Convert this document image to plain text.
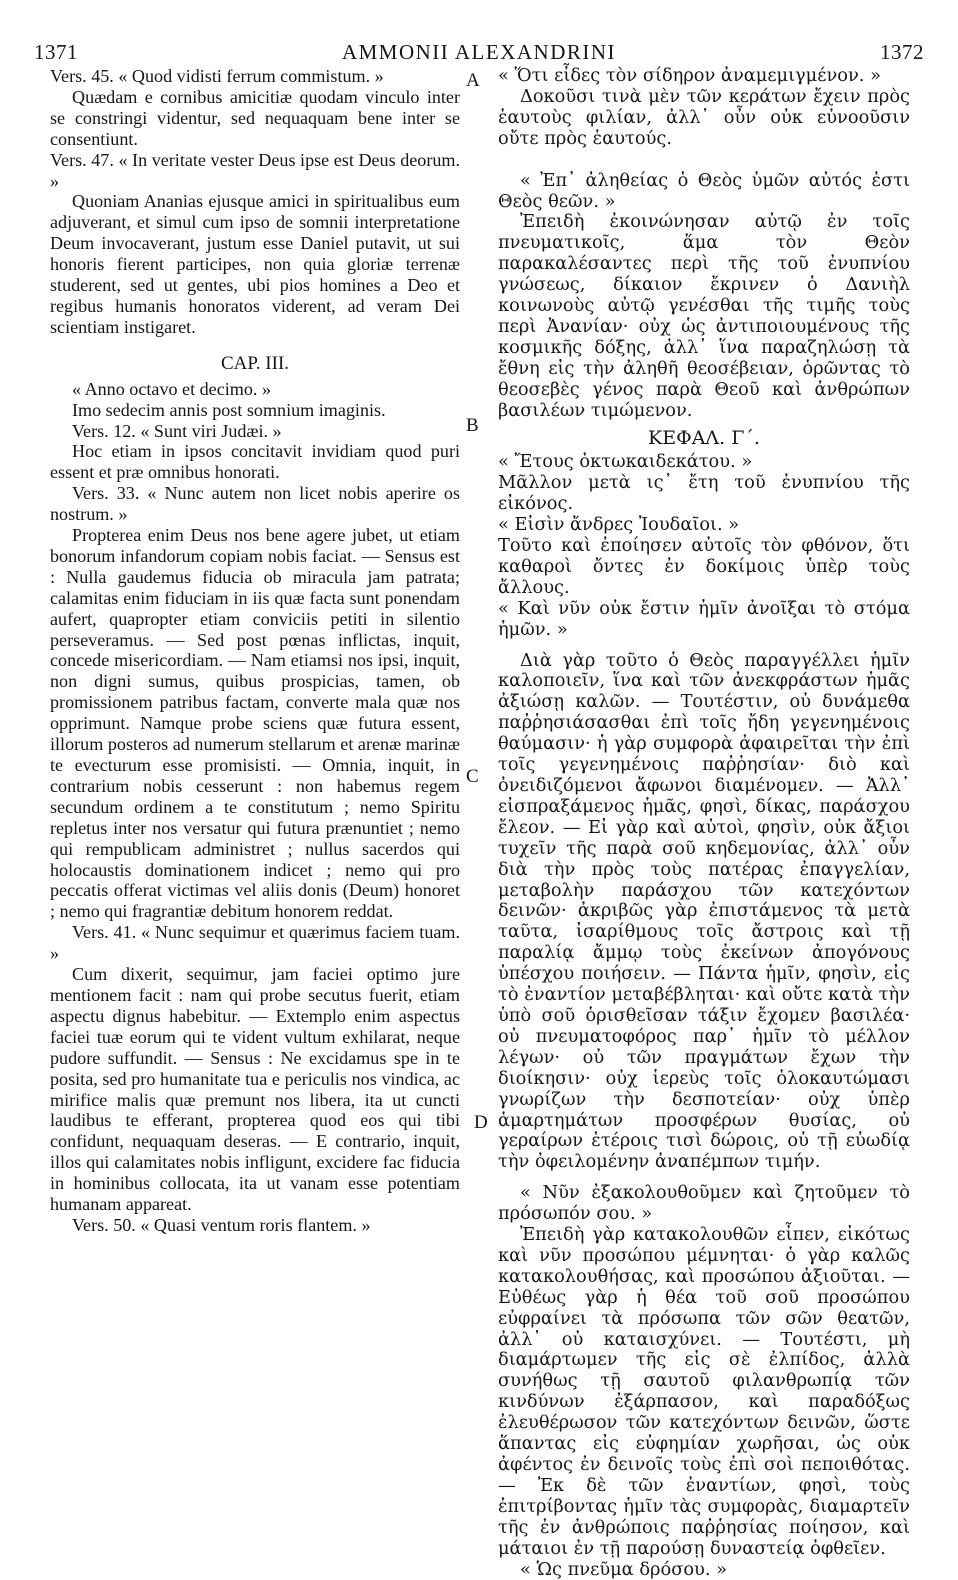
1371	AMMONII ALEXANDRINI	1372
A
B
C
D

Vers. 45. « Quod vidisti ferrum commistum. »

Quædam e cornibus amicitiæ quodam vinculo inter se constringi videntur, sed nequaquam bene inter se consentiunt.

Vers. 47. « In veritate vester Deus ipse est Deus deorum. »

Quoniam Ananias ejusque amici in spiritualibus eum adjuverant, et simul cum ipso de somnii interpretatione Deum invocaverant, justum esse Daniel putavit, ut sui honoris fierent participes, non quia gloriæ terrenæ studerent, sed ut gentes, ubi pios homines a Deo et regibus humanis honoratos viderent, ad veram Dei scientiam instigaret.

CAP. III.

« Anno octavo et decimo. »

Imo sedecim annis post somnium imaginis.

Vers. 12. « Sunt viri Judæi. »

Hoc etiam in ipsos concitavit invidiam quod puri essent et præ omnibus honorati.

Vers. 33. « Nunc autem non licet nobis aperire os nostrum. »

Propterea enim Deus nos bene agere jubet, ut etiam bonorum infandorum copiam nobis faciat. — Sensus est : Nulla gaudemus fiducia ob miracula jam patrata; calamitas enim fiduciam in iis quæ facta sunt ponendam aufert, quapropter etiam conviciis petiti in silentio perseveramus. — Sed post pœnas inflictas, inquit, concede misericordiam. — Nam etiamsi nos ipsi, inquit, non digni sumus, quibus prospicias, tamen, ob promissionem patribus factam, converte mala quæ nos opprimunt. Namque probe sciens quæ futura essent, illorum posteros ad numerum stellarum et arenæ marinæ te evecturum esse promisisti. — Omnia, inquit, in contrarium nobis cesserunt : non habemus regem secundum ordinem a te constitutum ; nemo Spiritu repletus inter nos versatur qui futura prænuntiet ; nemo qui rempublicam administret ; nullus sacerdos qui holocaustis dominationem indicet ; nemo qui pro peccatis offerat victimas vel aliis donis (Deum) honoret ; nemo qui fragrantiæ debitum honorem reddat.

Vers. 41. « Nunc sequimur et quærimus faciem tuam. »

Cum dixerit, sequimur, jam faciei optimo jure mentionem facit : nam qui probe secutus fuerit, etiam aspectu dignus habebitur. — Extemplo enim aspectus faciei tuæ eorum qui te vident vultum exhilarat, neque pudore suffundit. — Sensus : Ne excidamus spe in te posita, sed pro humanitate tua e periculis nos vindica, ac mirifice malis quæ premunt nos libera, ita ut cuncti laudibus te efferant, propterea quod eos qui tibi confidunt, nequaquam deseras. — E contrario, inquit, illos qui calamitates nobis infligunt, excidere fac fiducia in hominibus collocata, ita ut vanam esse potentiam humanam appareat.

Vers. 50. « Quasi ventum roris flantem. »

« Ὅτι εἶδες τὸν σίδηρον ἀναμεμιγμένον. »

Δοκοῦσι τινὰ μὲν τῶν κεράτων ἔχειν πρὸς ἑαυτοὺς φιλίαν, ἀλλ᾽ οὖν οὐκ εὐνοοῦσιν οὔτε πρὸς ἑαυτούς.

« Ἐπ᾽ ἀληθείας ὁ Θεὸς ὑμῶν αὐτός ἐστι Θεὸς θεῶν. »

Ἐπειδὴ ἐκοινώνησαν αὐτῷ ἐν τοῖς πνευματικοῖς, ἅμα τὸν Θεὸν παρακαλέσαντες περὶ τῆς τοῦ ἐνυπνίου γνώσεως, δίκαιον ἔκρινεν ὁ Δανιὴλ κοινωνοὺς αὐτῷ γενέσθαι τῆς τιμῆς τοὺς περὶ Ἀνανίαν· οὐχ ὡς ἀντιποιουμένους τῆς κοσμικῆς δόξης, ἀλλ᾽ ἵνα παραζηλώσῃ τὰ ἔθνη εἰς τὴν ἀληθῆ θεοσέβειαν, ὁρῶντας τὸ θεοσεβὲς γένος παρὰ Θεοῦ καὶ ἀνθρώπων βασιλέων τιμώμενον.

ΚΕΦΑΛ. Γ΄.

« Ἔτους ὀκτωκαιδεκάτου. »

Μᾶλλον μετὰ ις᾽ ἔτη τοῦ ἐνυπνίου τῆς εἰκόνος.

« Εἰσὶν ἄνδρες Ἰουδαῖοι. »

Τοῦτο καὶ ἐποίησεν αὐτοῖς τὸν φθόνον, ὅτι καθαροὶ ὄντες ἐν δοκίμοις ὑπὲρ τοὺς ἄλλους.

« Καὶ νῦν οὐκ ἔστιν ἡμῖν ἀνοῖξαι τὸ στόμα ἡμῶν. »

Διὰ γὰρ τοῦτο ὁ Θεὸς παραγγέλλει ἡμῖν καλοποιεῖν, ἵνα καὶ τῶν ἀνεκφράστων ἡμᾶς ἀξιώσῃ καλῶν. — Τουτέστιν, οὐ δυνάμεθα παῤῥησιάσασθαι ἐπὶ τοῖς ἤδη γεγενημένοις θαύμασιν· ἡ γὰρ συμφορὰ ἀφαιρεῖται τὴν ἐπὶ τοῖς γεγενημένοις παῤῥησίαν· διὸ καὶ ὀνειδιζόμενοι ἄφωνοι διαμένομεν. — Ἀλλ᾽ εἰσπραξάμενος ἡμᾶς, φησὶ, δίκας, παράσχου ἔλεον. — Εἰ γὰρ καὶ αὐτοὶ, φησὶν, οὐκ ἄξιοι τυχεῖν τῆς παρὰ σοῦ κηδεμονίας, ἀλλ᾽ οὖν διὰ τὴν πρὸς τοὺς πατέρας ἐπαγγελίαν, μεταβολὴν παράσχου τῶν κατεχόντων δεινῶν· ἀκριβῶς γὰρ ἐπιστάμενος τὰ μετὰ ταῦτα, ἰσαρίθμους τοῖς ἄστροις καὶ τῇ παραλίᾳ ἄμμῳ τοὺς ἐκείνων ἀπογόνους ὑπέσχου ποιήσειν. — Πάντα ἡμῖν, φησὶν, εἰς τὸ ἐναντίον μεταβέβληται· καὶ οὔτε κατὰ τὴν ὑπὸ σοῦ ὁρισθεῖσαν τάξιν ἔχομεν βασιλέα· οὐ πνευματοφόρος παρ᾽ ἡμῖν τὸ μέλλον λέγων· οὐ τῶν πραγμάτων ἔχων τὴν διοίκησιν· οὐχ ἱερεὺς τοῖς ὁλοκαυτώμασι γνωρίζων τὴν δεσποτείαν· οὐχ ὑπὲρ ἁμαρτημάτων προσφέρων θυσίας, οὐ γεραίρων ἑτέροις τισὶ δώροις, οὐ τῇ εὐωδίᾳ τὴν ὀφειλομένην ἀναπέμπων τιμήν.

« Νῦν ἐξακολουθοῦμεν καὶ ζητοῦμεν τὸ πρόσωπόν σου. »

Ἐπειδὴ γὰρ κατακολουθῶν εἶπεν, εἰκότως καὶ νῦν προσώπου μέμνηται· ὁ γὰρ καλῶς κατακολουθήσας, καὶ προσώπου ἀξιοῦται. — Εὐθέως γὰρ ἡ θέα τοῦ σοῦ προσώπου εὐφραίνει τὰ πρόσωπα τῶν σῶν θεατῶν, ἀλλ᾽ οὐ καταισχύνει. — Τουτέστι, μὴ διαμάρτωμεν τῆς εἰς σὲ ἐλπίδος, ἀλλὰ συνήθως τῇ σαυτοῦ φιλανθρωπίᾳ τῶν κινδύνων ἐξάρπασον, καὶ παραδόξως ἐλευθέρωσον τῶν κατεχόντων δεινῶν, ὥστε ἅπαντας εἰς εὐφημίαν χωρῆσαι, ὡς οὐκ ἀφέντος ἐν δεινοῖς τοὺς ἐπὶ σοὶ πεποιθότας. — Ἐκ δὲ τῶν ἐναντίων, φησὶ, τοὺς ἐπιτρίβοντας ἡμῖν τὰς συμφορὰς, διαμαρτεῖν τῆς ἐν ἀνθρώποις παῤῥησίας ποίησον, καὶ μάταιοι ἐν τῇ παρούσῃ δυναστείᾳ ὀφθεῖεν.

« Ὡς πνεῦμα δρόσου. »
